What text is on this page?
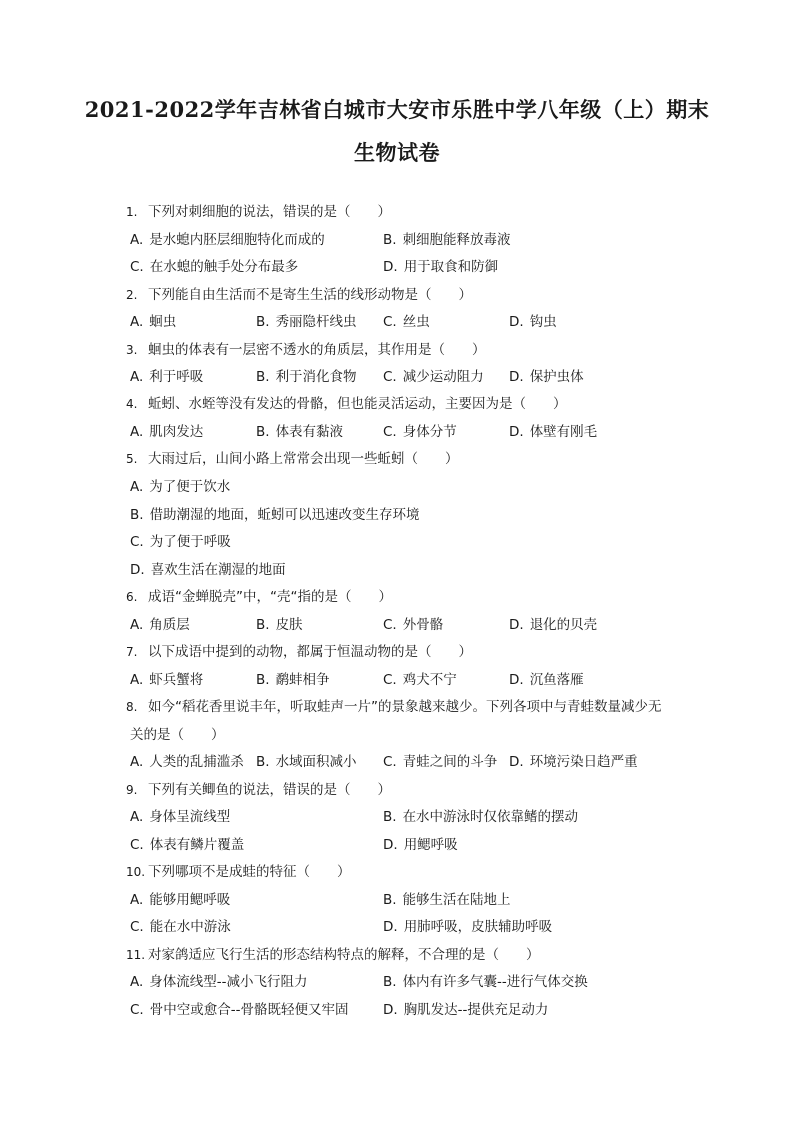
2021-2022学年吉林省白城市大安市乐胜中学八年级（上）期末
生物试卷
1. 下列对刺细胞的说法，错误的是（　　）
A. 是水螅内胚层细胞特化而成的	B. 刺细胞能释放毒液
C. 在水螅的触手处分布最多	D. 用于取食和防御
2. 下列能自由生活而不是寄生生活的线形动物是（　　）
A. 蛔虫	B. 秀丽隐杆线虫 C. 丝虫	D. 钩虫
3. 蛔虫的体表有一层密不透水的角质层，其作用是（　　）
A. 利于呼吸	B. 利于消化食物 C. 减少运动阻力 D. 保护虫体
4. 蚯蚓、水蛭等没有发达的骨骼，但也能灵活运动，主要因为是（　　）
A. 肌肉发达	B. 体表有黏液	C. 身体分节	D. 体壁有刚毛
5. 大雨过后，山间小路上常常会出现一些蚯蚓（　　）
A. 为了便于饮水
B. 借助潮湿的地面，蚯蚓可以迅速改变生存环境
C. 为了便于呼吸
D. 喜欢生活在潮湿的地面
6. 成语“金蝉脱壳”中，“壳“指的是（　　）
A. 角质层	B. 皮肤	C. 外骨骼	D. 退化的贝壳
7. 以下成语中提到的动物，都属于恒温动物的是（　　）
A. 虾兵蟹将	B. 鹬蚌相争	C. 鸡犬不宁	D. 沉鱼落雁
8. 如今“稻花香里说丰年，听取蛙声一片”的景象越来越少。下列各项中与青蛙数量减少无
关的是（　　）
A. 人类的乱捕滥杀 B. 水域面积减小 C. 青蛙之间的斗争 D. 环境污染日趋严重
9. 下列有关鲫鱼的说法，错误的是（　　）
A. 身体呈流线型	B. 在水中游泳时仅依靠鳍的摆动
C. 体表有鳞片覆盖	D. 用鳃呼吸
10. 下列哪项不是成蛙的特征（　　）
A. 能够用鳃呼吸	B. 能够生活在陆地上
C. 能在水中游泳	D. 用肺呼吸，皮肤辅助呼吸
11. 对家鸽适应飞行生活的形态结构特点的解释，不合理的是（　　）
A. 身体流线型--减小飞行阻力	B. 体内有许多气囊--进行气体交换
C. 骨中空或愈合--骨骼既轻便又牢固	D. 胸肌发达--提供充足动力
